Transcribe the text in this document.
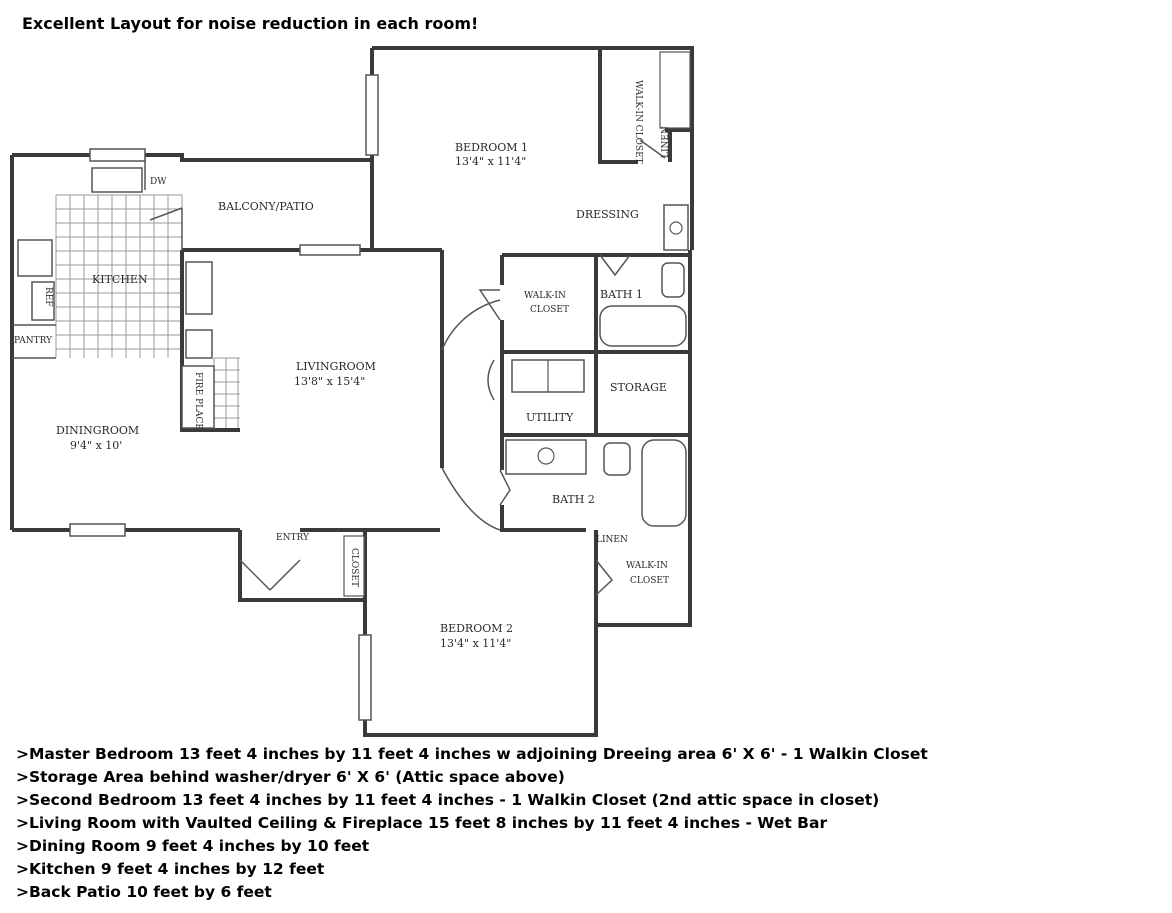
Excellent Layout for noise reduction in each room!
BEDROOM 1
13'4" x 11'4"	WALK-IN CLOSET LINEN
DRESSING
BALCONY/PATIO
KITCHEN
DW
REF
PANTRY
WALK-IN
CLOSET
BATH 1
LIVINGROOM
13'8" x 15'4"	STORAGE
UTILITY
FIRE PLACE
DININGROOM
9'4" x 10'
BATH 2
ENTRY	LINEN
WALK-IN
CLOSET
CLOSET
BEDROOM 2
13'4" x 11'4"
>Master Bedroom 13 feet 4 inches by 11 feet 4 inches w adjoining Dreeing area 6' X 6' - 1 Walkin Closet
>Storage Area behind washer/dryer 6' X 6' (Attic space above)
>Second Bedroom 13 feet 4 inches by 11 feet 4 inches - 1 Walkin Closet (2nd attic space in closet)
>Living Room with Vaulted Ceiling & Fireplace 15 feet 8 inches by 11 feet 4 inches - Wet Bar
>Dining Room 9 feet 4 inches by 10 feet
>Kitchen 9 feet 4 inches by 12 feet
>Back Patio 10 feet by 6 feet
